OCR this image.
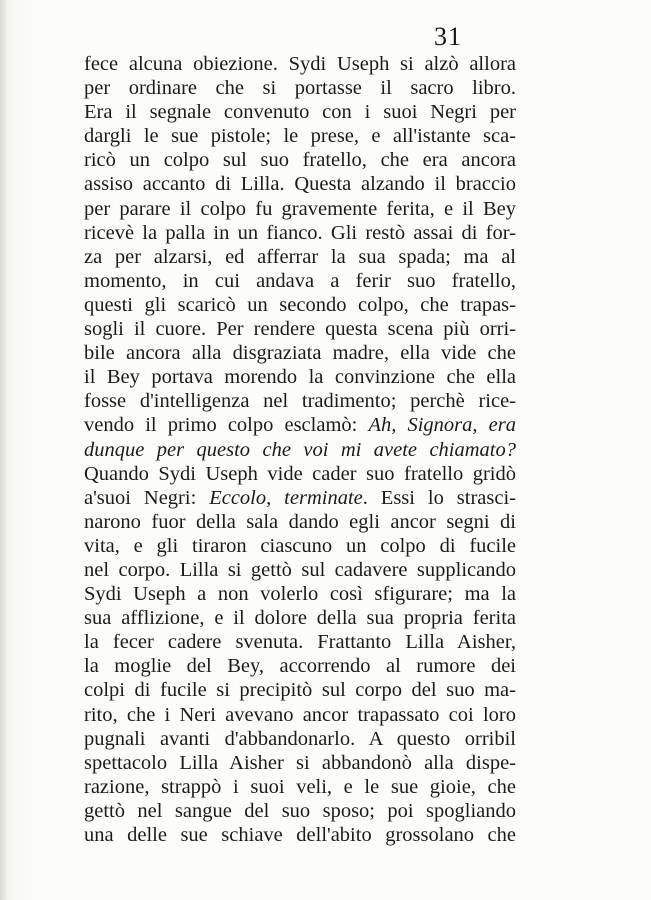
31
fece alcuna obiezione. Sydi Useph si alzò allora
per ordinare che si portasse il sacro libro.
Era il segnale convenuto con i suoi Negri per
dargli le sue pistole; le prese, e all'istante sca-
ricò un colpo sul suo fratello, che era ancora
assiso accanto di Lilla. Questa alzando il braccio
per parare il colpo fu gravemente ferita, e il Bey
ricevè la palla in un fianco. Gli restò assai di for-
za per alzarsi, ed afferrar la sua spada; ma al
momento, in cui andava a ferir suo fratello,
questi gli scaricò un secondo colpo, che trapas-
sogli il cuore. Per rendere questa scena più orri-
bile ancora alla disgraziata madre, ella vide che
il Bey portava morendo la convinzione che ella
fosse d'intelligenza nel tradimento; perchè rice-
vendo il primo colpo esclamò: Ah, Signora, era
dunque per questo che voi mi avete chiamato?
Quando Sydi Useph vide cader suo fratello gridò
a'suoi Negri: Eccolo, terminate. Essi lo strasci-
narono fuor della sala dando egli ancor segni di
vita, e gli tiraron ciascuno un colpo di fucile
nel corpo. Lilla si gettò sul cadavere supplicando
Sydi Useph a non volerlo così sfigurare; ma la
sua afflizione, e il dolore della sua propria ferita
la fecer cadere svenuta. Frattanto Lilla Aisher,
la moglie del Bey, accorrendo al rumore dei
colpi di fucile si precipitò sul corpo del suo ma-
rito, che i Neri avevano ancor trapassato coi loro
pugnali avanti d'abbandonarlo. A questo orribil
spettacolo Lilla Aisher si abbandonò alla dispe-
razione, strappò i suoi veli, e le sue gioie, che
gettò nel sangue del suo sposo; poi spogliando
una delle sue schiave dell'abito grossolano che
